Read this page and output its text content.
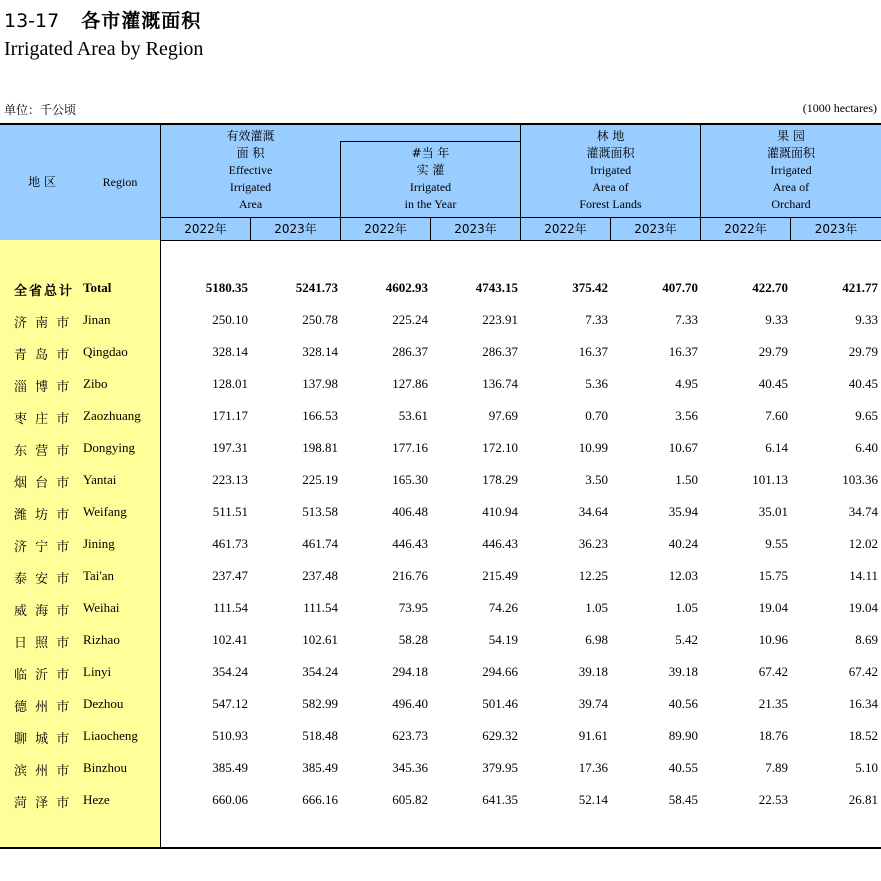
13-17 各市灌溉面积
Irrigated Area by Region
单位：千公顷	(1000 hectares)
地 区	Region
有效灌溉
面 积
Effective
Irrigated
Area
#当 年
实 灌
Irrigated
in the Year
林 地
灌溉面积
Irrigated
Area of
Forest Lands
果 园
灌溉面积
Irrigated
Area of
Orchard
2022年	2023年	2022年	2023年	2022年	2023年	2022年	2023年
全省总计 Total	5180.35	5241.73	4602.93	4743.15	375.42	407.70	422.70	421.77
济 南 市 Jinan	250.10	250.78	225.24	223.91	7.33	7.33	9.33	9.33
青 岛 市 Qingdao	328.14	328.14	286.37	286.37	16.37	16.37	29.79	29.79
淄 博 市 Zibo	128.01	137.98	127.86	136.74	5.36	4.95	40.45	40.45
枣 庄 市 Zaozhuang	171.17	166.53	53.61	97.69	0.70	3.56	7.60	9.65
东 营 市 Dongying	197.31	198.81	177.16	172.10	10.99	10.67	6.14	6.40
烟 台 市 Yantai	223.13	225.19	165.30	178.29	3.50	1.50	101.13	103.36
潍 坊 市 Weifang	511.51	513.58	406.48	410.94	34.64	35.94	35.01	34.74
济 宁 市 Jining	461.73	461.74	446.43	446.43	36.23	40.24	9.55	12.02
泰 安 市 Tai'an	237.47	237.48	216.76	215.49	12.25	12.03	15.75	14.11
威 海 市 Weihai	111.54	111.54	73.95	74.26	1.05	1.05	19.04	19.04
日 照 市 Rizhao	102.41	102.61	58.28	54.19	6.98	5.42	10.96	8.69
临 沂 市 Linyi	354.24	354.24	294.18	294.66	39.18	39.18	67.42	67.42
德 州 市 Dezhou	547.12	582.99	496.40	501.46	39.74	40.56	21.35	16.34
聊 城 市 Liaocheng	510.93	518.48	623.73	629.32	91.61	89.90	18.76	18.52
滨 州 市 Binzhou	385.49	385.49	345.36	379.95	17.36	40.55	7.89	5.10
菏 泽 市 Heze	660.06	666.16	605.82	641.35	52.14	58.45	22.53	26.81
